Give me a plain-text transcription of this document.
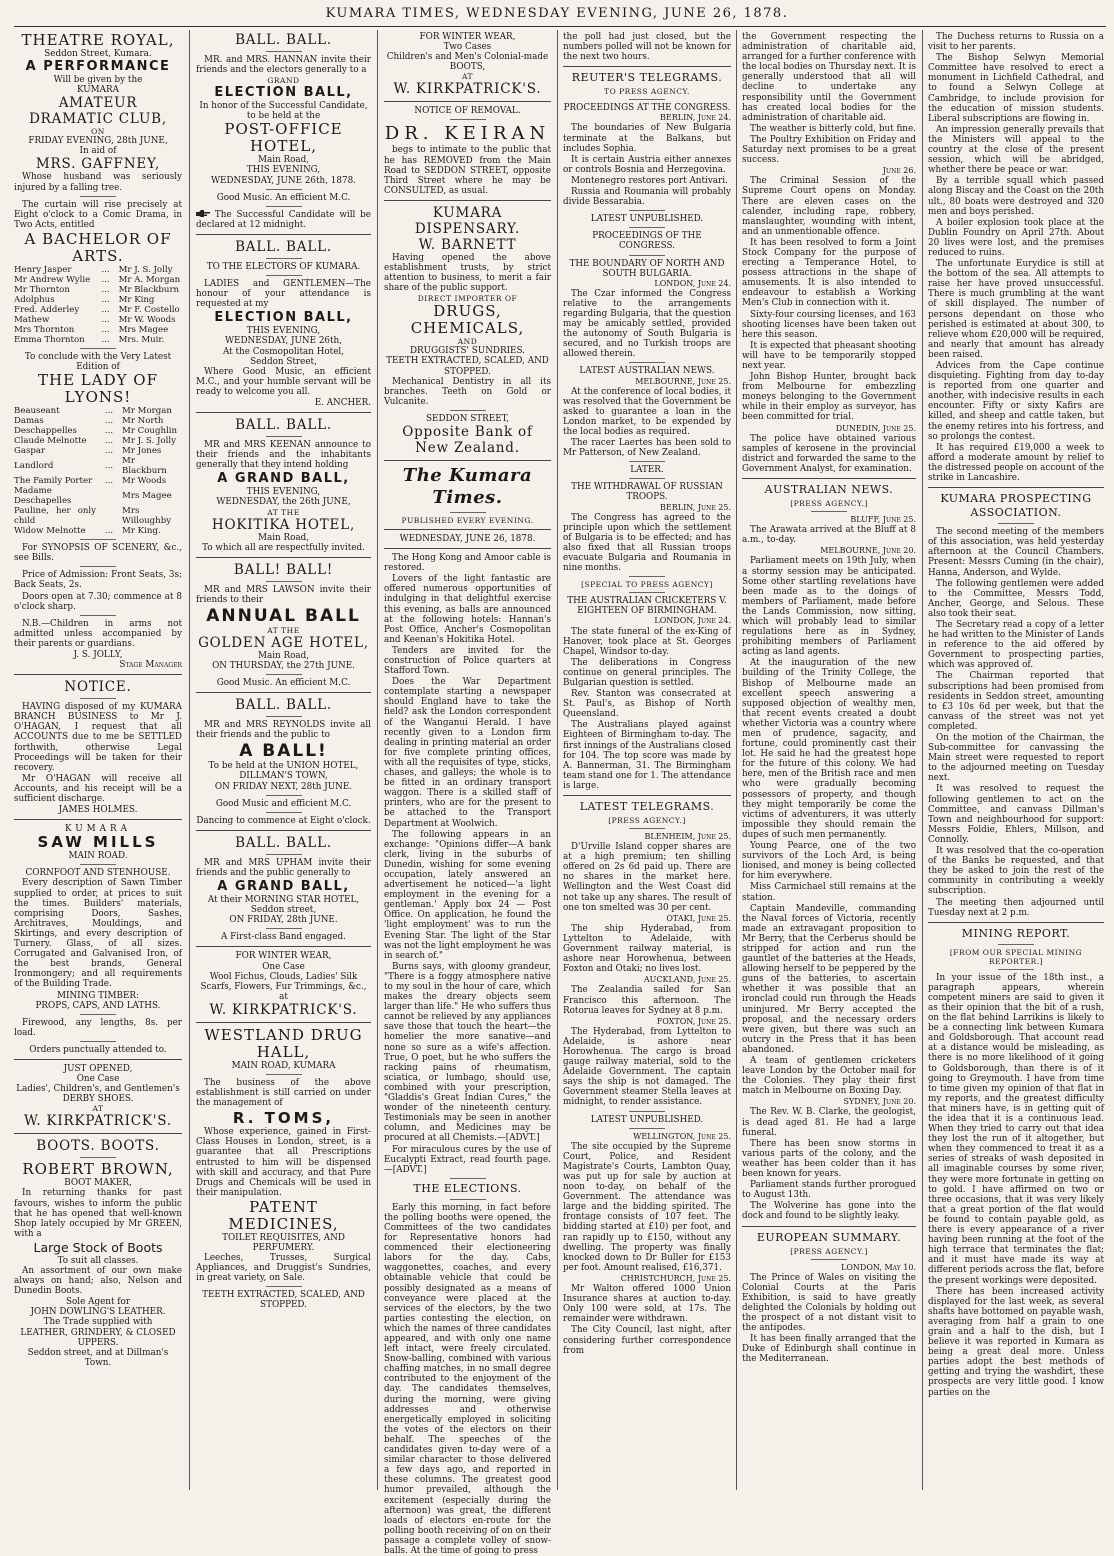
KUMARA TIMES, WEDNESDAY EVENING, JUNE 26, 1878.
THEATRE ROYAL,
Seddon Street, Kumara.
A PERFORMANCE
Will be given by the
KUMARA
AMATEUR DRAMATIC CLUB,
ON
FRIDAY EVENING, 28th JUNE,
In aid of
MRS. GAFFNEY,

Whose husband was seriously injured by a falling tree.

The curtain will rise precisely at Eight o'clock to a Comic Drama, in Two Acts, entitled

A BACHELOR OF ARTS.
Henry Jasper	...	Mr J. S. Jolly
Mr Andrew Wylie	...	Mr A. Morgan
Mr Thornton	...	Mr Blackburn
Adolphus	...	Mr King
Fred. Adderley	...	Mr F. Costello
Mathew	...	Mr W. Woods
Mrs Thornton	...	Mrs Magee
Emma Thornton	...	Mrs. Muir.
To conclude with the Very Latest Edition of
THE LADY OF LYONS!
Beauseant	...	Mr Morgan
Damas	...	Mr North
Deschappelles	...	Mr Coughlin
Claude Melnotte	...	Mr J. S. Jolly
Gaspar	...	Mr Jones
Landlord	...	Mr Blackburn
The Family Porter	...	Mr Woods
Madame Deschapelles		Mrs Magee
Pauline, her only child		Mrs Willoughby
Widow Melnotte	...	Mr King.

For SYNOPSIS OF SCENERY, &c., see Bills.

Price of Admission: Front Seats, 3s; Back Seats, 2s.

Doors open at 7.30; commence at 8 o'clock sharp.

N.B.—Children in arms not admitted unless accompanied by their parents or guardians.

J. S. JOLLY,
Stage Manager
NOTICE.

HAVING disposed of my KUMARA BRANCH BUSINESS to Mr J. O'HAGAN, I request that all ACCOUNTS due to me be SETTLED forthwith, otherwise Legal Proceedings will be taken for their recovery.

Mr O'HAGAN will receive all Accounts, and his receipt will be a sufficient discharge.

JAMES HOLMES.
KUMARA
SAW MILLS
MAIN ROAD.
CORNFOOT AND STENHOUSE.

Every description of Sawn Timber supplied to order, at prices to suit the times. Builders' materials, comprising Doors, Sashes, Architraves, Mouldings, and Skirtings, and every description of Turnery. Glass, of all sizes. Corrugated and Galvanised Iron, of the best brands, General Ironmongery; and all requirements of the Building Trade.

MINING TIMBER:
PROPS, CAPS, AND LATHS.

Firewood, any lengths, 8s. per load.

Orders punctually attended to.
JUST OPENED,
One Case
Ladies', Children's, and Gentlemen's
DERBY SHOES.
AT
W. KIRKPATRICK'S.
BOOTS. BOOTS.
ROBERT BROWN,
BOOT MAKER,

In returning thanks for past favours, wishes to inform the public that he has opened that well-known Shop lately occupied by Mr GREEN, with a

Large Stock of Boots
To suit all classes.

An assortment of our own make always on hand; also, Nelson and Dunedin Boots.

Sole Agent for
JOHN DOWLING'S LEATHER.
The Trade supplied with
LEATHER, GRINDERY, & CLOSED UPPERS.
Seddon street, and at Dillman's Town.
BALL. BALL.

MR. and MRS. HANNAN invite their friends and the electors generally to a

GRAND
ELECTION BALL,
In honor of the Successful Candidate, to be held at the
POST-OFFICE HOTEL,
Main Road,
THIS EVENING,
WEDNESDAY, JUNE 26th, 1878.
Good Music. An efficient M.C.

The Successful Candidate will be declared at 12 midnight.

BALL. BALL.
TO THE ELECTORS OF KUMARA.

LADIES and GENTLEMEN—The honour of your attendance is requested at my

ELECTION BALL,
THIS EVENING,
WEDNESDAY, JUNE 26th,
At the Cosmopolitan Hotel,
Seddon Street,

Where Good Music, an efficient M.C., and your humble servant will be ready to welcome you all.

E. ANCHER.
BALL. BALL.

MR and MRS KEENAN announce to their friends and the inhabitants generally that they intend holding

A GRAND BALL,
THIS EVENING,
WEDNESDAY, the 26th JUNE,
AT THE
HOKITIKA HOTEL,
Main Road,
To which all are respectfully invited.
BALL! BALL!

MR and MRS LAWSON invite their friends to their

ANNUAL BALL
AT THE
GOLDEN AGE HOTEL,
Main Road,
ON THURSDAY, the 27th JUNE.
Good Music. An efficient M.C.
BALL. BALL.

MR and MRS REYNOLDS invite all their friends and the public to

A BALL!
To be held at the UNION HOTEL,
DILLMAN'S TOWN,
ON FRIDAY NEXT, 28th JUNE.
Good Music and efficient M.C.
Dancing to commence at Eight o'clock.
BALL. BALL.

MR and MRS UPHAM invite their friends and the public generally to

A GRAND BALL,
At their MORNING STAR HOTEL,
Seddon street,
ON FRIDAY, 28th JUNE.
A First-class Band engaged.
FOR WINTER WEAR,
One Case
Wool Fichus, Clouds, Ladies' Silk Scarfs, Flowers, Fur Trimmings, &c., at
W. KIRKPATRICK'S.
WESTLAND DRUG HALL,
MAIN ROAD, KUMARA

The business of the above establishment is still carried on under the management of

R. TOMS,

Whose experience, gained in First-Class Houses in London, street, is a guarantee that all Prescriptions entrusted to him will be dispensed with skill and accuracy, and that Pure Drugs and Chemicals will be used in their manipulation.

PATENT MEDICINES,
TOILET REQUISITES, AND PERFUMERY.

Leeches, Trusses, Surgical Appliances, and Druggist's Sundries, in great variety, on Sale.

TEETH EXTRACTED, SCALED, AND STOPPED.
FOR WINTER WEAR,
Two Cases
Children's and Men's Colonial-made
BOOTS,
AT
W. KIRKPATRICK'S.
NOTICE OF REMOVAL.
DR. KEIRAN

begs to intimate to the public that he has REMOVED from the Main Road to SEDDON STREET, opposite Third Street where he may be CONSULTED, as usual.

KUMARA DISPENSARY.
W. BARNETT

Having opened the above establishment trusts, by strict attention to business, to merit a fair share of the public support.

DIRECT IMPORTER OF
DRUGS, CHEMICALS,
AND
DRUGGISTS' SUNDRIES.
TEETH EXTRACTED, SCALED, AND STOPPED.

Mechanical Dentistry in all its branches. Teeth on Gold or Vulcanite.

SEDDON STREET,
Opposite Bank of New Zealand.
The Kumara Times.
PUBLISHED EVERY EVENING.
WEDNESDAY, JUNE 26, 1878.

The Hong Kong and Amoor cable is restored.

Lovers of the light fantastic are offered numerous opportunities of indulging in that delightful exercise this evening, as balls are announced at the following hotels: Hannan's Post Office, Ancher's Cosmopolitan and Keenan's Hokitika Hotel.

Tenders are invited for the construction of Police quarters at Stafford Town.

Does the War Department contemplate starting a newspaper should England have to take the field? ask the London correspondent of the Wanganui Herald. I have recently given to a London firm dealing in printing material an order for five complete printing offices, with all the requisites of type, sticks, chases, and galleys; the whole is to be fitted in an ordinary transport waggon. There is a skilled staff of printers, who are for the present to be attached to the Transport Department at Woolwich.

The following appears in an exchange: "Opinions differ—A bank clerk, living in the suburbs of Dunedin, wishing for some evening occupation, lately answered an advertisement he noticed—'a light employment in the evening for a gentleman.' Apply box 24 — Post Office. On application, he found the 'light employment' was to run the Evening Star. The light of the Star was not the light employment he was in search of."

Burns says, with gloomy grandeur, "There is a foggy atmosphere native to my soul in the hour of care, which makes the dreary objects seem larger than life." He who suffers thus cannot be relieved by any appliances save those that touch the heart—the homelier the more sanative—and none so sure as a wife's affection. True, O poet, but he who suffers the racking pains of rheumatism, sciatica, or lumbago, should use, combined with your prescription, "Gladdis's Great Indian Cures," the wonder of the nineteenth century. Testimonials may be seen in another column, and Medicines may be procured at all Chemists.—[ADVT.]

For miraculous cures by the use of Eucalypti Extract, read fourth page.—[ADVT.]

THE ELECTIONS.

Early this morning, in fact before the polling booths were opened, the Committees of the two candidates for Representative honors had commenced their electioneering labors for the day. Cabs, waggonettes, coaches, and every obtainable vehicle that could be possibly designated as a means of conveyance were placed at the services of the electors, by the two parties contesting the election, on which the names of three candidates appeared, and with only one name left intact, were freely circulated. Snow-balling, combined with various chaffing matches, in no small degree contributed to the enjoyment of the day. The candidates themselves, during the morning, were giving addresses and otherwise energetically employed in soliciting the votes of the electors on their behalf. The speeches of the candidates given to-day were of a similar character to those delivered a few days ago, and reported in these columns. The greatest good humor prevailed, although the excitement (especially during the afternoon) was great, the different loads of electors en-route for the polling booth receiving of on on their passage a complete volley of snow-balls. At the time of going to press

the poll had just closed, but the numbers polled will not be known for the next two hours.

REUTER'S TELEGRAMS.
TO PRESS AGENCY.
PROCEEDINGS AT THE CONGRESS.
BERLIN, June 24.

The boundaries of New Bulgaria terminate at the Balkans, but includes Sophia.

It is certain Austria either annexes or controls Bosnia and Herzegovina.

Montenegro restores port Antivari.

Russia and Roumania will probably divide Bessarabia.

LATEST UNPUBLISHED.
PROCEEDINGS OF THE CONGRESS.
THE BOUNDARY OF NORTH AND SOUTH BULGARIA.
LONDON, June 24.

The Czar informed the Congress relative to the arrangements regarding Bulgaria, that the question may be amicably settled, provided the autonomy of South Bulgaria is secured, and no Turkish troops are allowed therein.

LATEST AUSTRALIAN NEWS.
MELBOURNE, June 25.

At the conference of local bodies, it was resolved that the Government be asked to guarantee a loan in the London market, to be expended by the local bodies as required.

The racer Laertes has been sold to Mr Patterson, of New Zealand.

LATER.
THE WITHDRAWAL OF RUSSIAN TROOPS.
BERLIN, June 25.

The Congress has agreed to the principle upon which the settlement of Bulgaria is to be effected; and has also fixed that all Russian troops evacuate Bulgaria and Roumania in nine months.

[SPECIAL TO PRESS AGENCY]
THE AUSTRALIAN CRICKETERS V. EIGHTEEN OF BIRMINGHAM.
LONDON, June 24.

The state funeral of the ex-King of Hanover, took place at St. Georges Chapel, Windsor to-day.

The deliberations in Congress continue on general principles. The Bulgarian question is settled.

Rev. Stanton was consecrated at St. Paul's, as Bishop of North Queensland.

The Australians played against Eighteen of Birmingham to-day. The first innings of the Australians closed for 104. The top score was made by A. Bannerman, 31. The Birmingham team stand one for 1. The attendance is large.

LATEST TELEGRAMS.
[PRESS AGENCY.]
BLENHEIM, June 25.

D'Urville Island copper shares are at a high premium; ten shilling offered on 2s 6d paid up. There are no shares in the market here. Wellington and the West Coast did not take up any shares. The result of one ton smelted was 30 per cent.

OTAKI, June 25.

The ship Hyderabad, from Lyttelton to Adelaide, with Government railway material, is ashore near Horowhenua, between Foxton and Otaki; no lives lost.

AUCKLAND, June 25.

The Zealandia sailed for San Francisco this afternoon. The Rotorua leaves for Sydney at 8 p.m.

FOXTON, June 25.

The Hyderabad, from Lyttelton to Adelaide, is ashore near Horowhenua. The cargo is broad gauge railway material, sold to the Adelaide Government. The captain says the ship is not damaged. The Government steamer Stella leaves at midnight, to render assistance.

LATEST UNPUBLISHED.
WELLINGTON, June 25.

The site occupied by the Supreme Court, Police, and Resident Magistrate's Courts, Lambton Quay, was put up for sale by auction at noon to-day, on behalf of the Government. The attendance was large and the bidding spirited. The frontage consists of 107 feet. The bidding started at £10) per foot, and ran rapidly up to £150, without any dwelling. The property was finally knocked down to Dr Buller for £153 per foot. Amount realised, £16,371.

CHRISTCHURCH, June 25.

Mr Walton offered 1000 Union Insurance shares at auction to-day. Only 100 were sold, at 17s. The remainder were withdrawn.

The City Council, last night, after considering further correspondence from

the Government respecting the administration of charitable aid, arranged for a further conference with the local bodies on Thursday next. It is generally understood that all will decline to undertake any responsibility until the Government has created local bodies for the administration of charitable aid.

The weather is bitterly cold, but fine.

The Poultry Exhibition on Friday and Saturday next promises to be a great success.

June 26.

The Criminal Session of the Supreme Court opens on Monday. There are eleven cases on the calender, including rape, robbery, manslaughter, wounding with intent, and an unmentionable offence.

It has been resolved to form a Joint Stock Company for the purpose of erecting a Temperance Hotel, to possess attractions in the shape of amusements. It is also intended to endeavour to establish a Working Men's Club in connection with it.

Sixty-four coursing licenses, and 163 shooting licenses have been taken out here this season.

It is expected that pheasant shooting will have to be temporarily stopped next year.

John Bishop Hunter, brought back from Melbourne for embezzling moneys belonging to the Government while in their employ as surveyor, has been committed for trial.

DUNEDIN, June 25.

The police have obtained various samples of kerosene in the provincial district and forwarded the same to the Government Analyst, for examination.

AUSTRALIAN NEWS.
[PRESS AGENCY.]
BLUFF, June 25.

The Arawata arrived at the Bluff at 8 a.m., to-day.

MELBOURNE, June 20.

Parliament meets on 19th July, when a stormy session may be anticipated. Some other startling revelations have been made as to the doings of members of Parliament, made before the Lands Commission, now sitting, which will probably lead to similar regulations here as in Sydney, prohibiting members of Parliament acting as land agents.

At the inauguration of the new building of the Trinity College, the Bishop of Melbourne made an excellent speech answering a supposed objection of wealthy men, that recent events created a doubt whether Victoria was a country where men of prudence, sagacity, and fortune, could prominently cast their lot. He said he had the greatest hope for the future of this colony. We had here, men of the British race and men who were gradually becoming possessors of property, and though they might temporarily be come the victims of adventurers, it was utterly impossible they should remain the dupes of such men permanently.

Young Pearce, one of the two survivors of the Loch Ard, is being lionised, and money is being collected for him everywhere.

Miss Carmichael still remains at the station.

Captain Mandeville, commanding the Naval forces of Victoria, recently made an extravagant proposition to Mr Berry, that the Cerberus should be stripped for action and run the gauntlet of the batteries at the Heads, allowing herself to be peppered by the guns of the batteries, to ascertain whether it was possible that an ironclad could run through the Heads uninjured. Mr Berry accepted the proposal, and the necessary orders were given, but there was such an outcry in the Press that it has been abandoned.

A team of gentlemen cricketers leave London by the October mail for the Colonies. They play their first match in Melbourne on Boxing Day.

SYDNEY, June 20.

The Rev. W. B. Clarke, the geologist, is dead aged 81. He had a large funeral.

There has been snow storms in various parts of the colony, and the weather has been colder than it has been known for years.

Parliament stands further prorogued to August 13th.

The Wolverine has gone into the dock and found to be slightly leaky.

EUROPEAN SUMMARY.
[PRESS AGENCY.]
LONDON, May 10.

The Prince of Wales on visiting the Colonial Courts at the Paris Exhibition, is said to have greatly delighted the Colonials by holding out the prospect of a not distant visit to the antipodes.

It has been finally arranged that the Duke of Edinburgh shall continue in the Mediterranean.

The Duchess returns to Russia on a visit to her parents.

The Bishop Selwyn Memorial Committee have resolved to erect a monument in Lichfield Cathedral, and to found a Selwyn College at Cambridge, to include provision for the education of mission students. Liberal subscriptions are flowing in.

An impression generally prevails that the Ministers will appeal to the country at the close of the present session, which will be abridged, whether there be peace or war.

By a terrible squall which passed along Biscay and the Coast on the 20th ult., 80 boats were destroyed and 320 men and boys perished.

A boiler explosion took place at the Dublin Foundry on April 27th. About 20 lives were lost, and the premises reduced to ruins.

The unfortunate Eurydice is still at the bottom of the sea. All attempts to raise her have proved unsuccessful. There is much grumbling at the want of skill displayed. The number of persons dependant on those who perished is estimated at about 300, to relieve whom £20,000 will be required, and nearly that amount has already been raised.

Advices from the Cape continue disquieting. Fighting from day to-day is reported from one quarter and another, with indecisive results in each encounter. Fifty or sixty Kafirs are killed, and sheep and cattle taken, but the enemy retires into his fortress, and so prolongs the contest.

It has required £19,000 a week to afford a moderate amount by relief to the distressed people on account of the strike in Lancashire.

KUMARA PROSPECTING ASSOCIATION.

The second meeting of the members of this association, was held yesterday afternoon at the Council Chambers. Present: Messrs Cuming (in the chair), Hanna, Anderson, and Wylde.

The following gentlemen were added to the Committee, Messrs Todd, Ancher, George, and Selous. These also took their seat.

The Secretary read a copy of a letter he had written to the Minister of Lands in reference to the aid offered by Government to prospecting parties, which was approved of.

The Chairman reported that subscriptions had been promised from residents in Seddon street, amounting to £3 10s 6d per week, but that the canvass of the street was not yet completed.

On the motion of the Chairman, the Sub-committee for canvassing the Main street were requested to report to the adjourned meeting on Tuesday next.

It was resolved to request the following gentlemen to act on the Committee, and canvass Dillman's Town and neighbourhood for support: Messrs Foldie, Ehlers, Millson, and Connolly.

It was resolved that the co-operation of the Banks be requested, and that they be asked to join the rest of the community in contributing a weekly subscription.

The meeting then adjourned until Tuesday next at 2 p.m.

MINING REPORT.
[FROM OUR SPECIAL MINING REPORTER.]

In your issue of the 18th inst., a paragraph appears, wherein competent miners are said to given it as their opinion that the bit of a rush, on the flat behind Larrikins is likely to be a connecting link between Kumara and Goldsborough. That account read at a distance would be misleading, as there is no more likelihood of it going to Goldsborough, than there is of it going to Greymouth. I have from time to time given my opinion of that flat in my reports, and the greatest difficulty that miners have, is in getting quit of the idea that it is a continuous lead. When they tried to carry out that idea they lost the run of it altogether, but when they commenced to treat it as a series of streaks of wash deposited in all imaginable courses by some river, they were more fortunate in getting on to gold. I have affirmed on two or three occasions, that it was very likely that a great portion of the flat would be found to contain payable gold, as there is every appearance of a river having been running at the foot of the high terrace that terminates the flat; and it must have made its way at different periods across the flat, before the present workings were deposited.

There has been increased activity displayed for the last week, as several shafts have bottomed on payable wash, averaging from half a grain to one grain and a half to the dish, but I believe it was reported in Kumara as being a great deal more. Unless parties adopt the best methods of getting and trying the washdirt, these prospects are very little good. I know parties on the
